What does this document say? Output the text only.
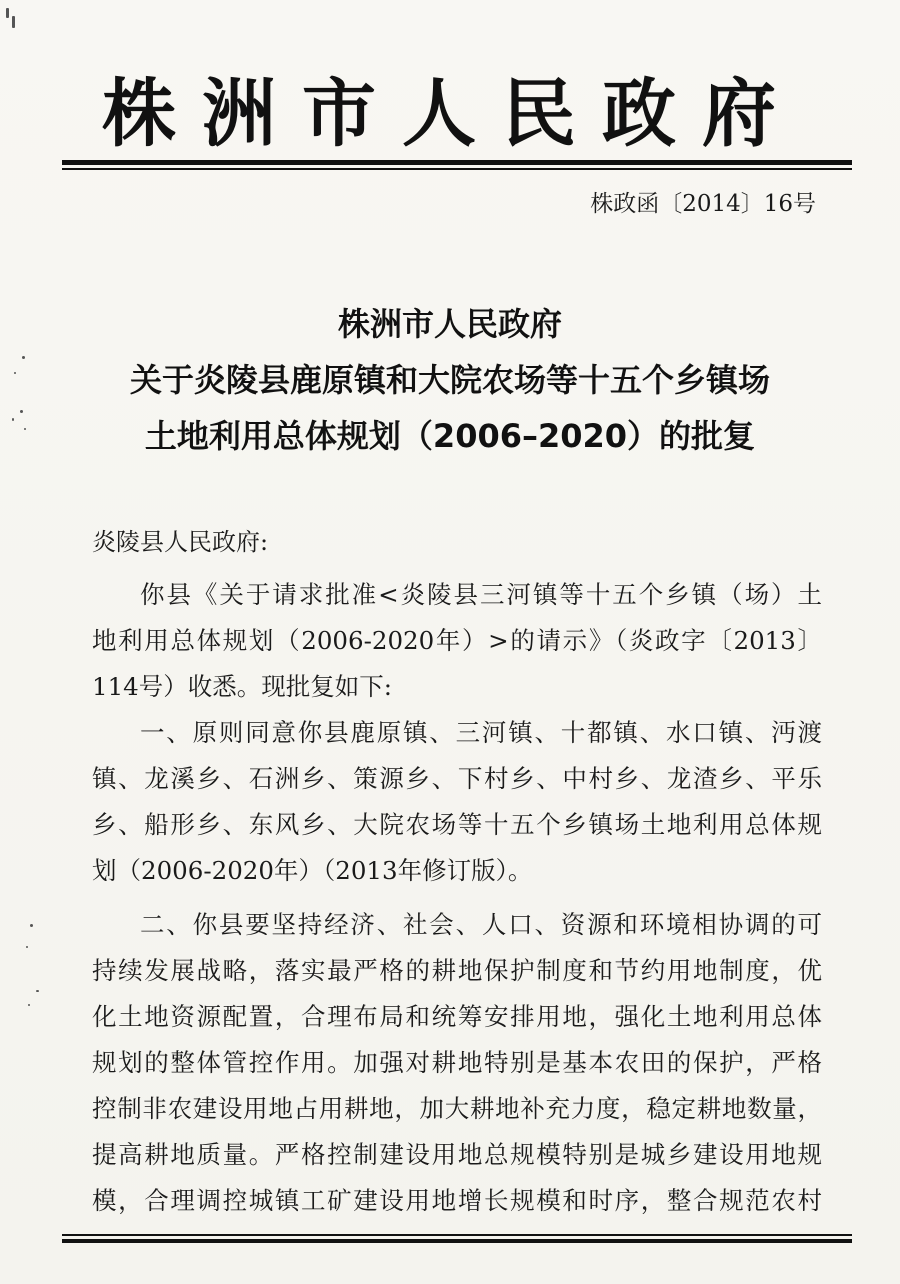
株洲市人民政府
株政函〔2014〕16号
株洲市人民政府
关于炎陵县鹿原镇和大院农场等十五个乡镇场
土地利用总体规划（2006–2020）的批复
炎陵县人民政府:
你县《关于请求批准<炎陵县三河镇等十五个乡镇（场）土
地利用总体规划（2006-2020年）>的请示》（炎政字〔2013〕
114号）收悉。现批复如下:
一、原则同意你县鹿原镇、三河镇、十都镇、水口镇、沔渡
镇、龙溪乡、石洲乡、策源乡、下村乡、中村乡、龙渣乡、平乐
乡、船形乡、东风乡、大院农场等十五个乡镇场土地利用总体规
划（2006-2020年）（2013年修订版）。
二、你县要坚持经济、社会、人口、资源和环境相协调的可
持续发展战略，落实最严格的耕地保护制度和节约用地制度，优
化土地资源配置，合理布局和统筹安排用地，强化土地利用总体
规划的整体管控作用。加强对耕地特别是基本农田的保护，严格
控制非农建设用地占用耕地，加大耕地补充力度，稳定耕地数量，
提高耕地质量。严格控制建设用地总规模特别是城乡建设用地规
模，合理调控城镇工矿建设用地增长规模和时序，整合规范农村
